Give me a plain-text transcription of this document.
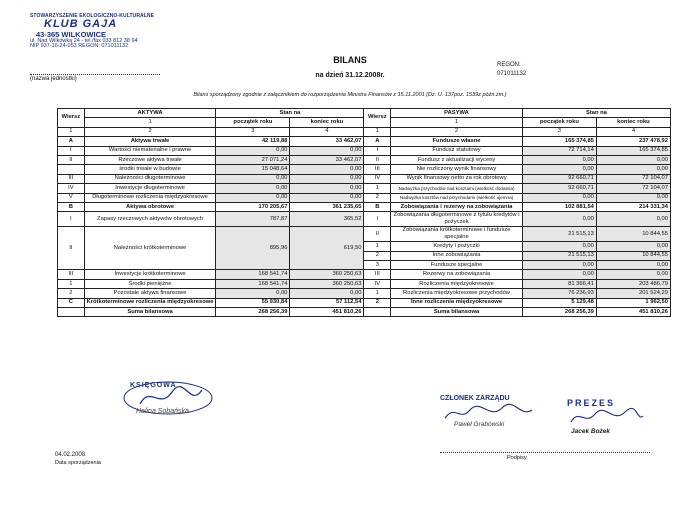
STOWARZYSZENIE EKOLOGICZNO-KULTURALNE
KLUB GAJA
43-365 WILKOWICE
ul. Nad Wilkówką 24 - tel./fax 033 812 38 94
NIP 937-16-24-053 REGON: 071011132
(nazwa jednostki)
BILANS
na dzień 31.12.2008r.
REGON:
071011132
Bilans sporządzony zgodnie z załącznikiem do rozporządzenia Ministra Finansów z 15.11.2001 (Dz. U. 137poz. 1539z późn.zm.)
Wiersz	AKTYWA	Stan na		Wiersz	PASYWA	Stan na	
	1	początek roku	koniec roku		1	początek roku	koniec roku
1	2	3	4	1	2	3	4
A	Aktywa trwałe	42 119,88	33 462,07	A	Fundusze własne	165 374,85	237 478,92
I	Wartości niematerialne i prawne	0,00	0,00	I	Fundusz statutowy	72 714,14	165 374,85
II	Rzeczowe aktywa trwałe	27 071,24	33 462,07	II	Fundusz z aktualizacji wyceny	0,00	0,00
	środki trwałe w budowie	15 048,64	0,00	III	Nie rozliczony wynik finansowy	0,00	0,00
III	Należności długoterminowe	0,00	0,00	IV	Wynik finansowy netto za rok obrotowy	92 660,71	72 104,07
IV	Inwestycje długoterminowe	0,00	0,00	1	Nadwyżka przychodów nad kosztami (wielkość dodatnia)	92 660,71	72 104,07
V	Długoterminowe rozliczenia międzyokresowe	0,00	0,00	2	Nadwyżka kosztów nad przychodami (wielkość ujemna)	0,00	0,00
B	Aktywa obrotowe	170 205,67	361 235,65	B	Zobowiązania i rezerwy na zobowiązania	102 881,54	214 331,34
I	Zapasy rzeczowych aktywów obrotowych	787,87	365,52	I	Zobowiązania długoterminowe z tytułu kredytów i pożyczek	0,00	0,00
II	Należności krótkoterminowe	895,96	619,50	II	Zobowiązania krótkoterminowe i fundusze specjalne	21 515,13	10 844,55
				1	Kredyty i pożyczki	0,00	0,00
				2	Inne zobowiązania	21 515,13	10 844,55
				3	Fundusze specjalne	0,00	0,00
III	Inwestycje krótkoterminowe	168 541,74	360 250,63	III	Rezerwy na zobowiązania	0,00	0,00
1	Środki pieniężne	168 541,74	360 250,63	IV	Rozliczenia międzyokresowe	81 366,41	203 486,79
2	Pozostałe aktywa finansowe	0,00	0,00	1	Rozliczenia międzyokresowe przychodów	76 236,93	201 524,29
C	Krótkoterminowe rozliczenia międzyokresowe	55 930,84	57 112,54	2	Inne rozliczenia międzyokresowe	5 129,48	1 962,50
	Suma bilansowa	268 256,39	451 810,26		Suma bilansowa	268 256,39	451 810,26
KSIĘGOWA
Halina Sobańska
CZŁONEK ZARZĄDU
Paweł Grabowski
PREZES
Jacek Bożek
04.02.2008
Data sporządzenia
Podpisy
